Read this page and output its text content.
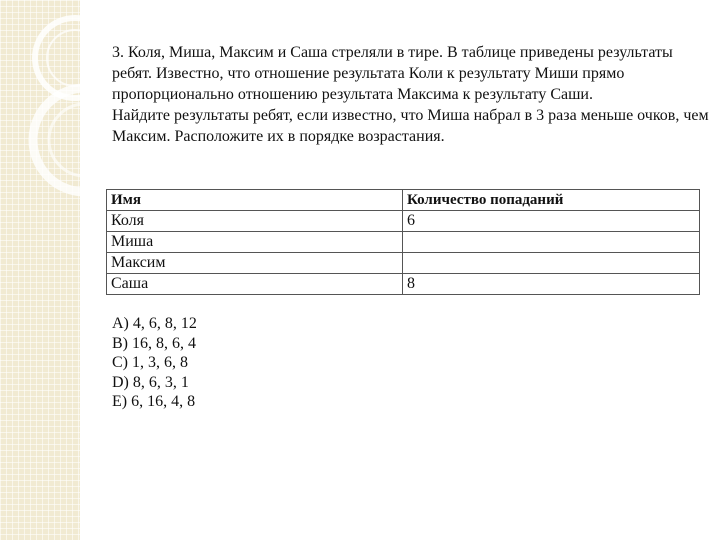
3. Коля, Миша, Максим и Саша стреляли в тире. В таблице приведены результаты ребят. Известно, что отношение результата Коли к результату Миши прямо пропорционально отношению результата Максима к результату Саши.

Найдите результаты ребят, если известно, что Миша набрал в 3 раза меньше очков, чем Максим. Расположите их в порядке возрастания.

Имя	Количество попаданий
Коля	6
Миша	
Максим	
Саша	8

A) 4, 6, 8, 12

B) 16, 8, 6, 4

C) 1, 3, 6, 8

D) 8, 6, 3, 1

E) 6, 16, 4, 8
